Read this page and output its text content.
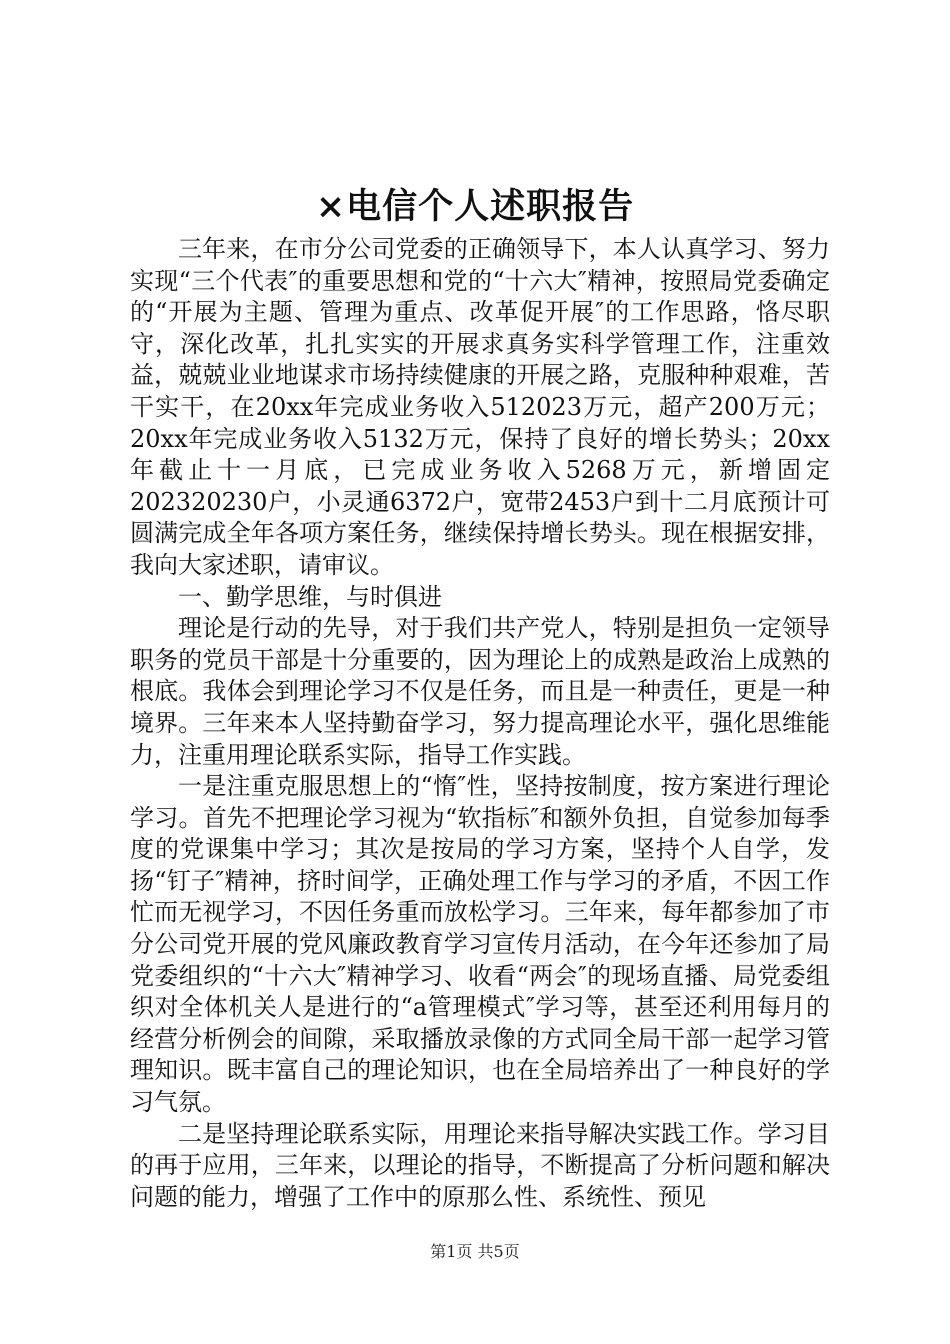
×电信个人述职报告

三年来，在市分公司党委的正确领导下，本人认真学习、努力实现“三个代表″的重要思想和党的“十六大″精神，按照局党委确定的“开展为主题、管理为重点、改革促开展″的工作思路，恪尽职守，深化改革，扎扎实实的开展求真务实科学管理工作，注重效益，兢兢业业地谋求市场持续健康的开展之路，克服种种艰难，苦干实干，在20xx年完成业务收入512023万元，超产200万元；20xx年完成业务收入5132万元，保持了良好的增长势头；20xx年截止十一月底，已完成业务收入5268万元，新增固定　 202320230户，小灵通6372户，宽带2453户到十二月底预计可圆满完成全年各项方案任务，继续保持增长势头。现在根据安排，我向大家述职，请审议。

一、勤学思维，与时俱进

理论是行动的先导，对于我们共产党人，特别是担负一定领导职务的党员干部是十分重要的，因为理论上的成熟是政治上成熟的根底。我体会到理论学习不仅是任务，而且是一种责任，更是一种境界。三年来本人坚持勤奋学习，努力提高理论水平，强化思维能力，注重用理论联系实际，指导工作实践。

一是注重克服思想上的“惰″性，坚持按制度，按方案进行理论学习。首先不把理论学习视为“软指标″和额外负担，自觉参加每季度的党课集中学习；其次是按局的学习方案，坚持个人自学，发扬“钉子″精神，挤时间学，正确处理工作与学习的矛盾，不因工作忙而无视学习，不因任务重而放松学习。三年来，每年都参加了市分公司党开展的党风廉政教育学习宣传月活动，在今年还参加了局党委组织的“十六大″精神学习、收看“两会″的现场直播、局党委组织对全体机关人是进行的“a管理模式″学习等，甚至还利用每月的经营分析例会的间隙，采取播放录像的方式同全局干部一起学习管理知识。既丰富自己的理论知识，也在全局培养出了一种良好的学习气氛。

二是坚持理论联系实际，用理论来指导解决实践工作。学习目的再于应用，三年来，以理论的指导，不断提高了分析问题和解决问题的能力，增强了工作中的原那么性、系统性、预见

第1页 共5页
